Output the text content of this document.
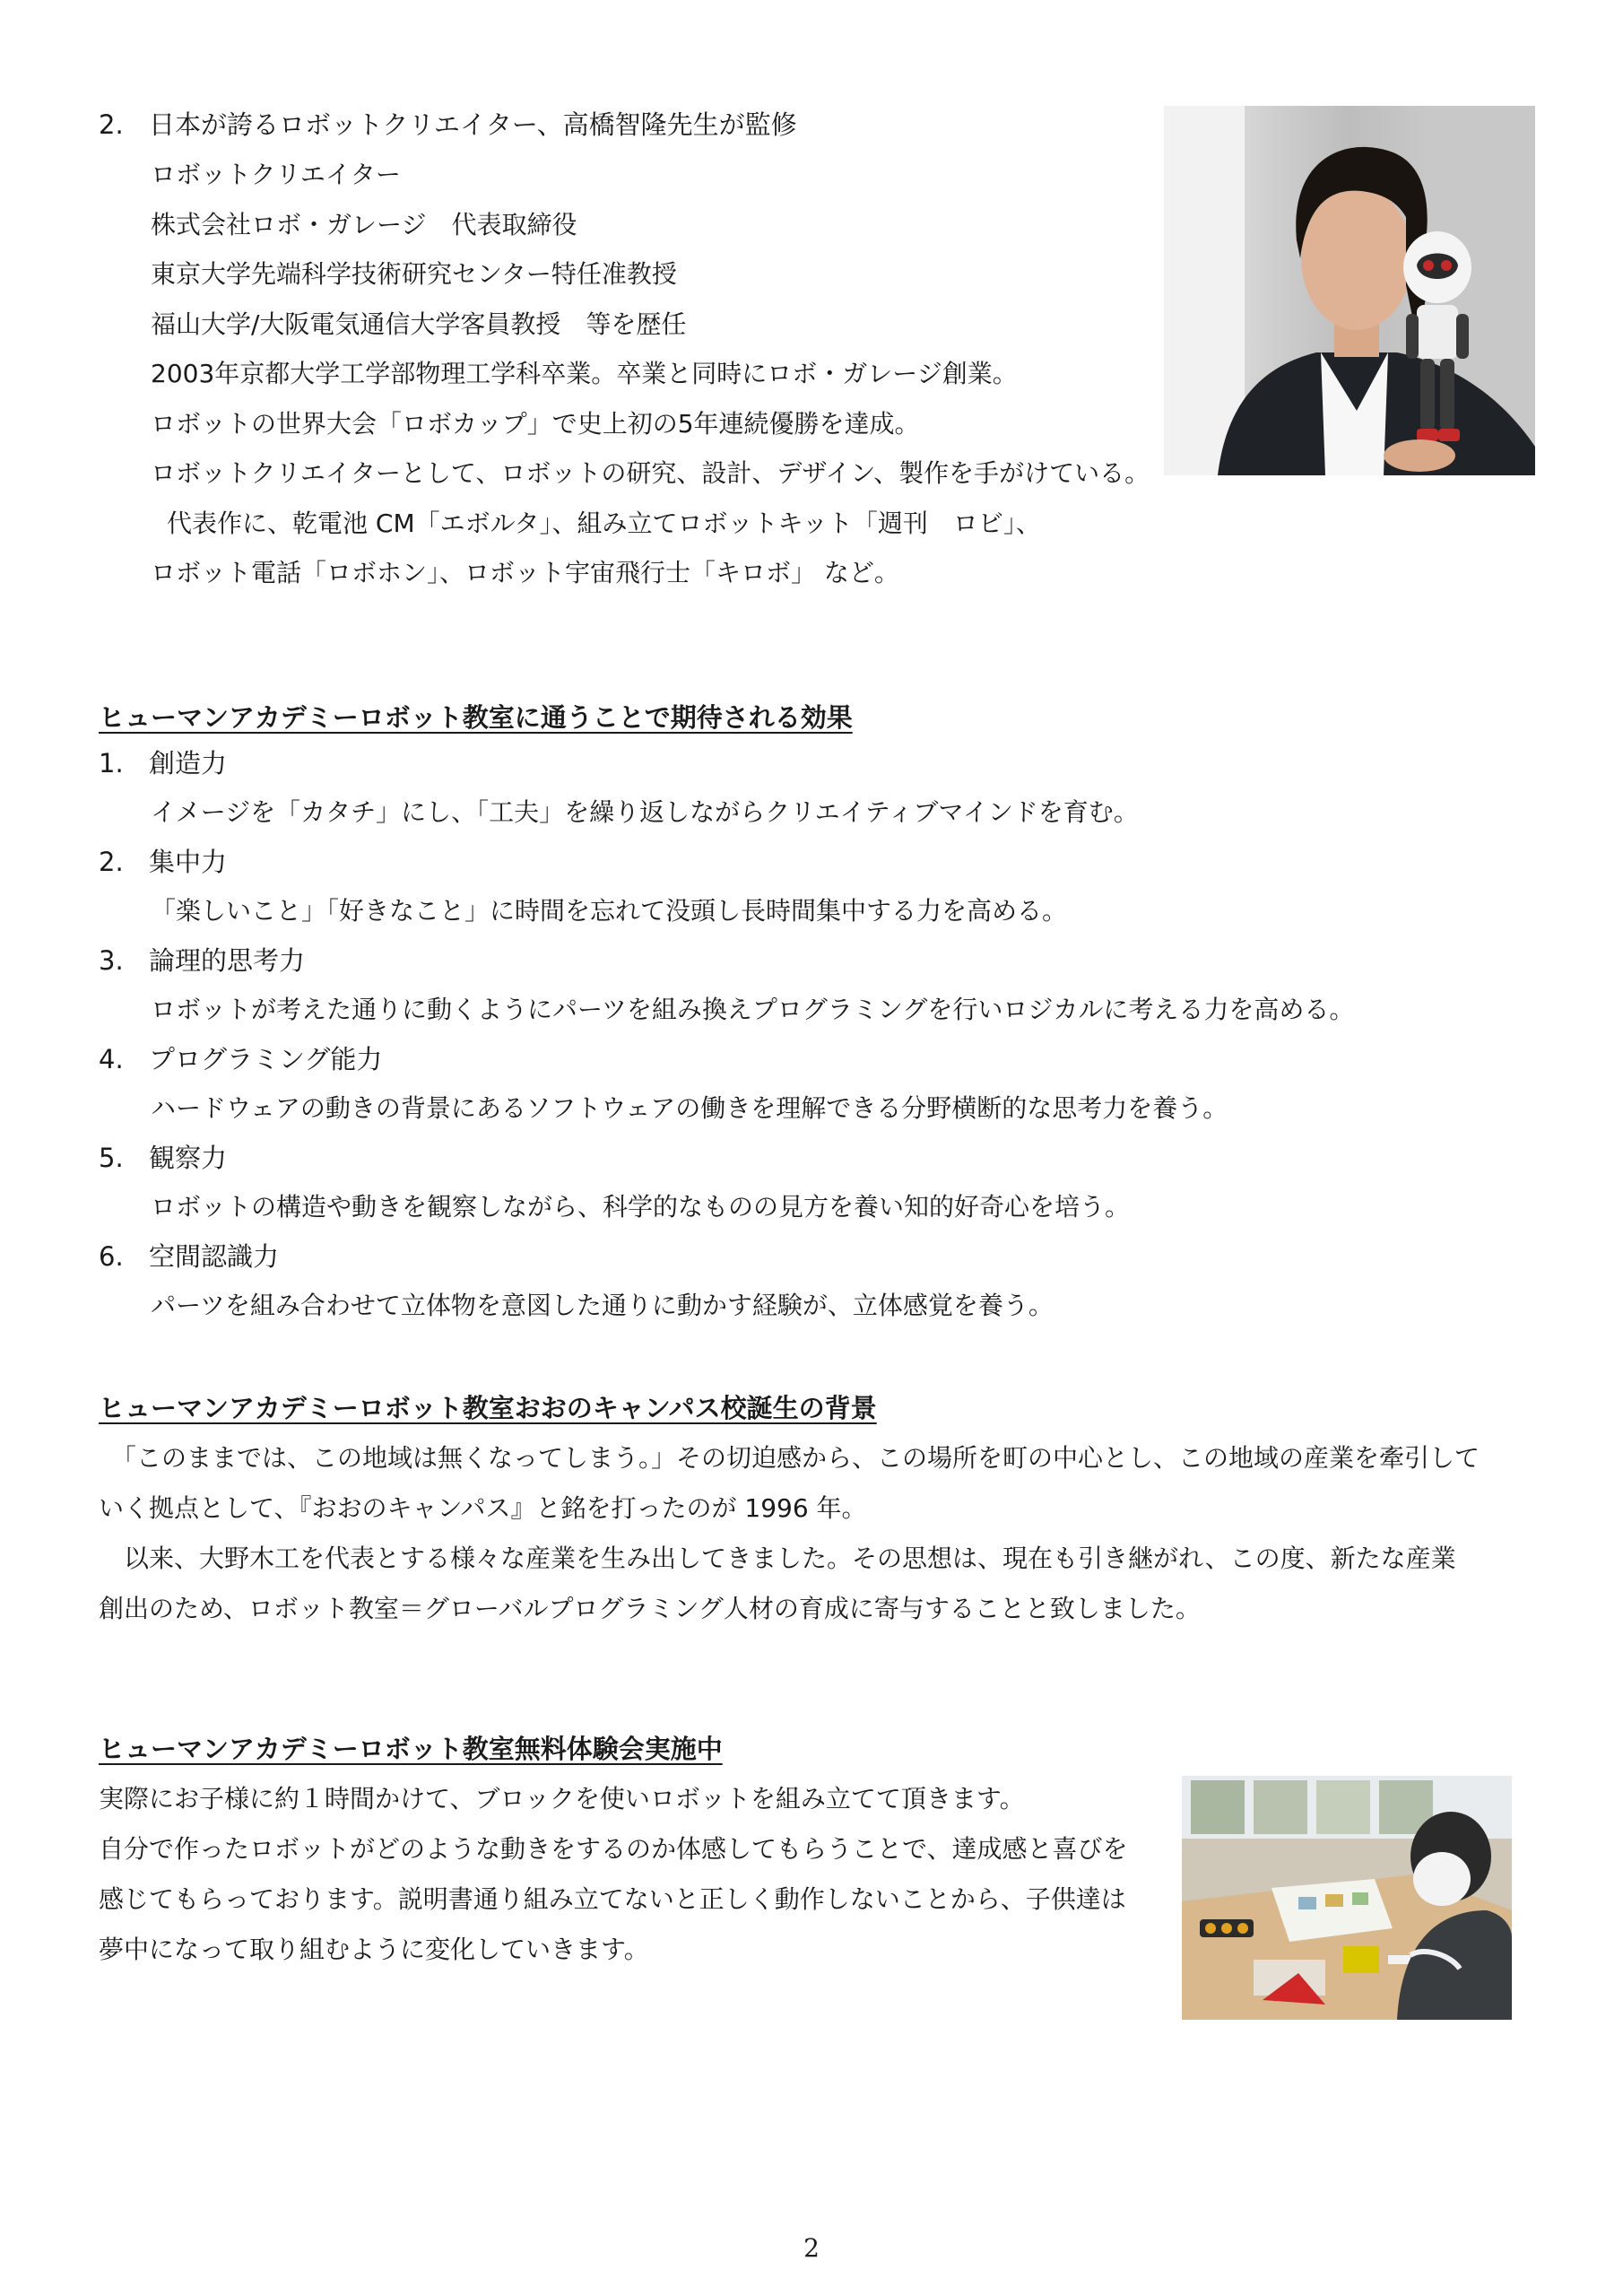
2. 日本が誇るロボットクリエイター、高橋智隆先生が監修
ロボットクリエイター
株式会社ロボ・ガレージ　代表取締役
東京大学先端科学技術研究センター特任准教授
福山大学/大阪電気通信大学客員教授　等を歴任
2003年京都大学工学部物理工学科卒業。卒業と同時にロボ・ガレージ創業。
ロボットの世界大会「ロボカップ」で史上初の5年連続優勝を達成。
ロボットクリエイターとして、ロボットの研究、設計、デザイン、製作を手がけている。
代表作に、乾電池 CM「エボルタ」、組み立てロボットキット「週刊　ロビ」、
ロボット電話「ロボホン」、ロボット宇宙飛行士「キロボ」 など。
ヒューマンアカデミーロボット教室に通うことで期待される効果
1. 創造力
イメージを「カタチ」にし、「工夫」を繰り返しながらクリエイティブマインドを育む。
2. 集中力
「楽しいこと」「好きなこと」に時間を忘れて没頭し長時間集中する力を高める。
3. 論理的思考力
ロボットが考えた通りに動くようにパーツを組み換えプログラミングを行いロジカルに考える力を高める。
4. プログラミング能力
ハードウェアの動きの背景にあるソフトウェアの働きを理解できる分野横断的な思考力を養う。
5. 観察力
ロボットの構造や動きを観察しながら、科学的なものの見方を養い知的好奇心を培う。
6. 空間認識力
パーツを組み合わせて立体物を意図した通りに動かす経験が、立体感覚を養う。
ヒューマンアカデミーロボット教室おおのキャンパス校誕生の背景

「このままでは、この地域は無くなってしまう。」その切迫感から、この場所を町の中心とし、この地域の産業を牽引して

いく拠点として、『おおのキャンパス』と銘を打ったのが 1996 年。

以来、大野木工を代表とする様々な産業を生み出してきました。その思想は、現在も引き継がれ、この度、新たな産業

創出のため、ロボット教室＝グローバルプログラミング人材の育成に寄与することと致しました。

ヒューマンアカデミーロボット教室無料体験会実施中

実際にお子様に約１時間かけて、ブロックを使いロボットを組み立てて頂きます。

自分で作ったロボットがどのような動きをするのか体感してもらうことで、達成感と喜びを

感じてもらっております。説明書通り組み立てないと正しく動作しないことから、子供達は

夢中になって取り組むように変化していきます。

2
